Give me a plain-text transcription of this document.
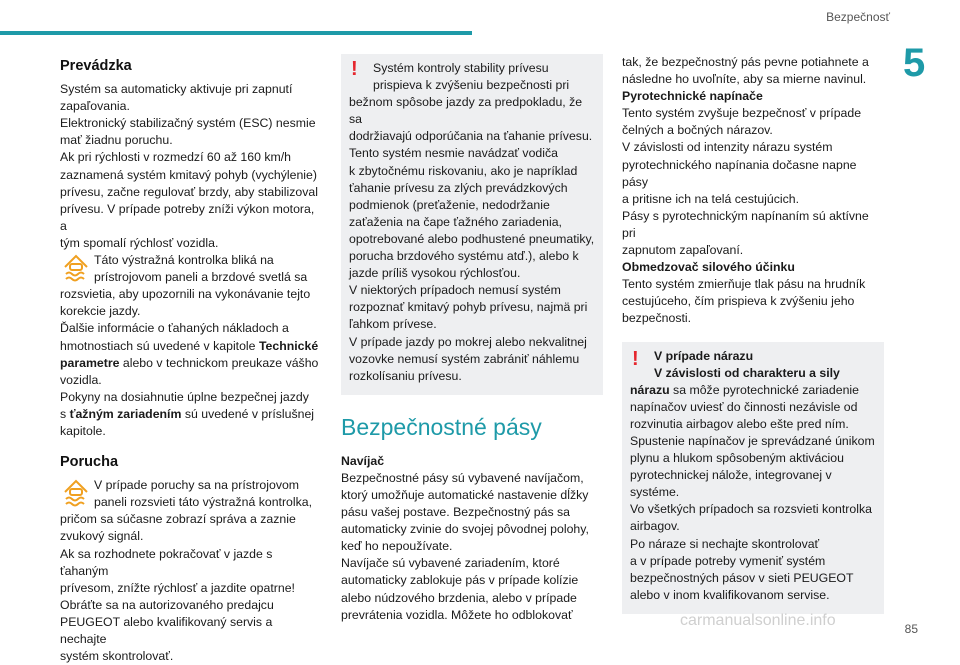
Bezpečnosť
5
Prevádzka
Systém sa automaticky aktivuje pri zapnutí
zapaľovania.
Elektronický stabilizačný systém (ESC) nesmie
mať žiadnu poruchu.
Ak pri rýchlosti v rozmedzí 60 až 160 km/h
zaznamená systém kmitavý pohyb (vychýlenie)
prívesu, začne regulovať brzdy, aby stabilizoval
prívesu. V prípade potreby zníži výkon motora, a
tým spomalí rýchlosť vozidla.
Táto výstražná kontrolka bliká na
prístrojovom paneli a brzdové svetlá sa
rozsvietia, aby upozornili na vykonávanie tejto
korekcie jazdy.
Ďalšie informácie o ťahaných nákladoch a
hmotnostiach sú uvedené v kapitole Technické
parametre alebo v technickom preukaze vášho
vozidla.
Pokyny na dosiahnutie úplne bezpečnej jazdy
s ťažným zariadením sú uvedené v príslušnej
kapitole.
Porucha
V prípade poruchy sa na prístrojovom
paneli rozsvieti táto výstražná kontrolka,
pričom sa súčasne zobrazí správa a zaznie
zvukový signál.
Ak sa rozhodnete pokračovať v jazde s ťahaným
prívesom, znížte rýchlosť a jazdite opatrne!
Obráťte sa na autorizovaného predajcu
PEUGEOT alebo kvalifikovaný servis a nechajte
systém skontrolovať.
!	Systém kontroly stability prívesu
prispieva k zvýšeniu bezpečnosti pri
bežnom spôsobe jazdy za predpokladu, že sa
dodržiavajú odporúčania na ťahanie prívesu.
Tento systém nesmie navádzať vodiča
k zbytočnému riskovaniu, ako je napríklad
ťahanie prívesu za zlých prevádzkových
podmienok (preťaženie, nedodržanie
zaťaženia na čape ťažného zariadenia,
opotrebované alebo podhustené pneumatiky,
porucha brzdového systému atď.), alebo k
jazde príliš vysokou rýchlosťou.
V niektorých prípadoch nemusí systém
rozpoznať kmitavý pohyb prívesu, najmä pri
ľahkom prívese.
V prípade jazdy po mokrej alebo nekvalitnej
vozovke nemusí systém zabrániť náhlemu
rozkolísaniu prívesu.
Bezpečnostné pásy
Navíjač
Bezpečnostné pásy sú vybavené navíjačom,
ktorý umožňuje automatické nastavenie dĺžky
pásu vašej postave. Bezpečnostný pás sa
automaticky zvinie do svojej pôvodnej polohy,
keď ho nepoužívate.
Navíjače sú vybavené zariadením, ktoré
automaticky zablokuje pás v prípade kolízie
alebo núdzového brzdenia, alebo v prípade
prevrátenia vozidla. Môžete ho odblokovať
tak, že bezpečnostný pás pevne potiahnete a
následne ho uvoľníte, aby sa mierne navinul.
Pyrotechnické napínače
Tento systém zvyšuje bezpečnosť v prípade
čelných a bočných nárazov.
V závislosti od intenzity nárazu systém
pyrotechnického napínania dočasne napne pásy
a pritisne ich na telá cestujúcich.
Pásy s pyrotechnickým napínaním sú aktívne pri
zapnutom zapaľovaní.
Obmedzovač silového účinku
Tento systém zmierňuje tlak pásu na hrudník
cestujúceho, čím prispieva k zvýšeniu jeho
bezpečnosti.
!	V prípade nárazu
V závislosti od charakteru a sily
nárazu sa môže pyrotechnické zariadenie
napínačov uviesť do činnosti nezávisle od
rozvinutia airbagov alebo ešte pred ním.
Spustenie napínačov je sprevádzané únikom
plynu a hlukom spôsobeným aktiváciou
pyrotechnickej nálože, integrovanej v
systéme.
Vo všetkých prípadoch sa rozsvieti kontrolka
airbagov.
Po náraze si nechajte skontrolovať
a v prípade potreby vymeniť systém
bezpečnostných pásov v sieti PEUGEOT
alebo v inom kvalifikovanom servise.
carmanualsonline.info	85
